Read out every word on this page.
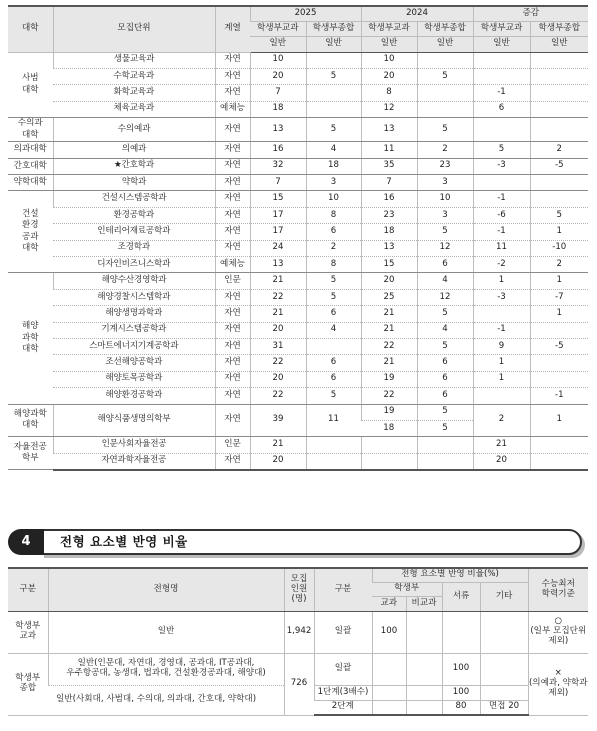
대학	모집단위	계열	2025		2024		증감	
			학생부교과	학생부종합	학생부교과	학생부종합	학생부교과	학생부종합
			일반	일반	일반	일반	일반	일반
사범
대학	생물교육과	자연	10		10			
	수학교육과	자연	20	5	20	5		
	화학교육과	자연	7		8		-1	
	체육교육과	예체능	18		12		6	
수의과
대학	수의예과	자연	13	5	13	5		
의과대학	의예과	자연	16	4	11	2	5	2
간호대학	★간호학과	자연	32	18	35	23	-3	-5
약학대학	약학과	자연	7	3	7	3		
건설
환경
공과
대학	건설시스템공학과	자연	15	10	16	10	-1	
	환경공학과	자연	17	8	23	3	-6	5
	인테리어재료공학과	자연	17	6	18	5	-1	1
	조경학과	자연	24	2	13	12	11	-10
	디자인비즈니스학과	예체능	13	8	15	6	-2	2
해양
과학
대학	해양수산경영학과	인문	21	5	20	4	1	1
	해양경찰시스템학과	자연	22	5	25	12	-3	-7
	해양생명과학과	자연	21	6	21	5		1
	기계시스템공학과	자연	20	4	21	4	-1	
	스마트에너지기계공학과	자연	31		22	5	9	-5
	조선해양공학과	자연	22	6	21	6	1	
	해양토목공학과	자연	20	6	19	6	1	
	해양환경공학과	자연	22	5	22	6		-1
해양과학
대학	해양식품생명의학부	자연	39	11	19	5	2	1
					18	5		
자율전공
학부	인문사회자율전공	인문	21				21	
	자연과학자율전공	자연	20				20	
4	전형 요소별 반영 비율
구분	전형명	모집
인원
(명)	구분	전형 요소별 반영 비율(%)				수능최저
학력기준
				학생부		서류	기타	
				교과	비교과			
학생부
교과	일반	1,942	일괄	100				○
(일부 모집단위
제외)
학생부
종합	일반(인문대, 자연대, 경영대, 공과대, IT공과대,
우주항공대, 농생대, 법과대, 건설환경공과대, 해양대)	726	일괄			100		×
(의예과, 약학과
제외)
	일반(사회대, 사범대, 수의대, 의과대, 간호대, 약학대)		1단계(3배수)			100		
			2단계			80	면접 20	
